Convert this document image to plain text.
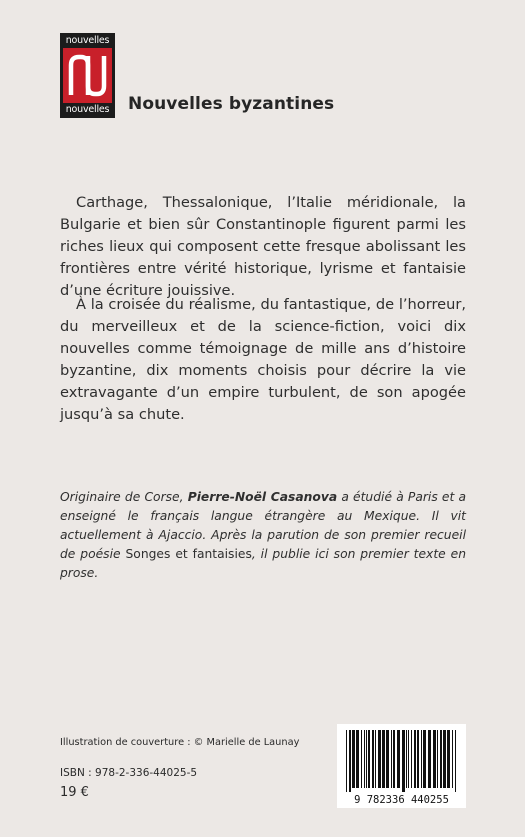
nouvelles
nouvelles	Nouvelles byzantines

Carthage, Thessalonique, l’Italie méridionale, la Bulgarie et bien sûr Constantinople figurent parmi les riches lieux qui composent cette fresque abolissant les frontières entre vérité historique, lyrisme et fantaisie d’une écriture jouissive.

À la croisée du réalisme, du fantastique, de l’horreur, du merveilleux et de la science-fiction, voici dix nouvelles comme témoignage de mille ans d’histoire byzantine, dix moments choisis pour décrire la vie extravagante d’un empire turbulent, de son apogée jusqu’à sa chute.

Originaire de Corse, Pierre-Noël Casanova a étudié à Paris et a enseigné le français langue étrangère au Mexique. Il vit actuellement à Ajaccio. Après la parution de son premier recueil de poésie Songes et fantaisies, il publie ici son premier texte en prose.

Illustration de couverture : © Marielle de Launay
ISBN : 978-2-336-44025-5
19 €	9 782336 440255
